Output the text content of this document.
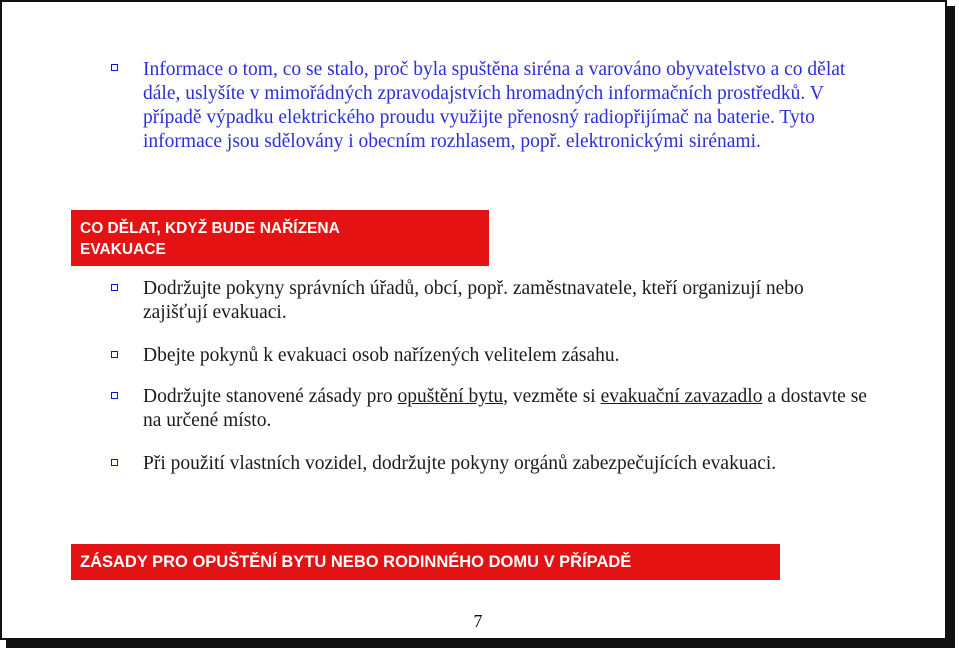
Informace o tom, co se stalo, proč byla spuštěna siréna a varováno obyvatelstvo a co dělat dále, uslyšíte v mimořádných zpravodajstvích hromadných informačních prostředků. V případě výpadku elektrického proudu využijte přenosný radiopřijímač na baterie. Tyto informace jsou sdělovány i obecním rozhlasem, popř. elektronickými sirénami.

CO DĚLAT, KDYŽ BUDE NAŘÍZENA
EVAKUACE

Dodržujte pokyny správních úřadů, obcí, popř. zaměstnavatele, kteří organizují nebo zajišťují evakuaci.

Dbejte pokynů k evakuaci osob nařízených velitelem zásahu.

Dodržujte stanovené zásady pro opuštění bytu, vezměte si evakuační zavazadlo a dostavte se na určené místo.

Při použití vlastních vozidel, dodržujte pokyny orgánů zabezpečujících evakuaci.

ZÁSADY PRO OPUŠTĚNÍ BYTU NEBO RODINNÉHO DOMU V PŘÍPADĚ
7
